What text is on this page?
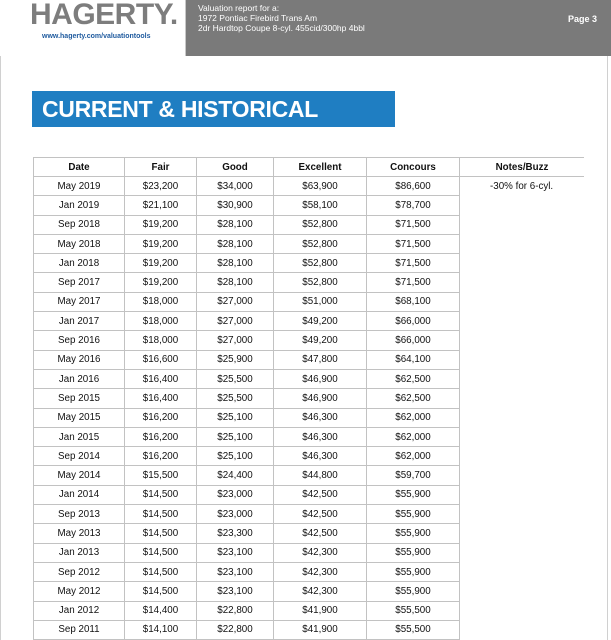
HAGERTY.
www.hagerty.com/valuationtools
Valuation report for a:
1972 Pontiac Firebird Trans Am
2dr Hardtop Coupe 8-cyl. 455cid/300hp 4bbl
Page 3
CURRENT & HISTORICAL VALUES
Date	Fair	Good	Excellent	Concours	Notes/Buzz
May 2019	$23,200	$34,000	$63,900	$86,600	-30% for 6-cyl.
Jan 2019	$21,100	$30,900	$58,100	$78,700	
Sep 2018	$19,200	$28,100	$52,800	$71,500	
May 2018	$19,200	$28,100	$52,800	$71,500	
Jan 2018	$19,200	$28,100	$52,800	$71,500	
Sep 2017	$19,200	$28,100	$52,800	$71,500	
May 2017	$18,000	$27,000	$51,000	$68,100	
Jan 2017	$18,000	$27,000	$49,200	$66,000	
Sep 2016	$18,000	$27,000	$49,200	$66,000	
May 2016	$16,600	$25,900	$47,800	$64,100	
Jan 2016	$16,400	$25,500	$46,900	$62,500	
Sep 2015	$16,400	$25,500	$46,900	$62,500	
May 2015	$16,200	$25,100	$46,300	$62,000	
Jan 2015	$16,200	$25,100	$46,300	$62,000	
Sep 2014	$16,200	$25,100	$46,300	$62,000	
May 2014	$15,500	$24,400	$44,800	$59,700	
Jan 2014	$14,500	$23,000	$42,500	$55,900	
Sep 2013	$14,500	$23,000	$42,500	$55,900	
May 2013	$14,500	$23,300	$42,500	$55,900	
Jan 2013	$14,500	$23,100	$42,300	$55,900	
Sep 2012	$14,500	$23,100	$42,300	$55,900	
May 2012	$14,500	$23,100	$42,300	$55,900	
Jan 2012	$14,400	$22,800	$41,900	$55,500	
Sep 2011	$14,100	$22,800	$41,900	$55,500	
